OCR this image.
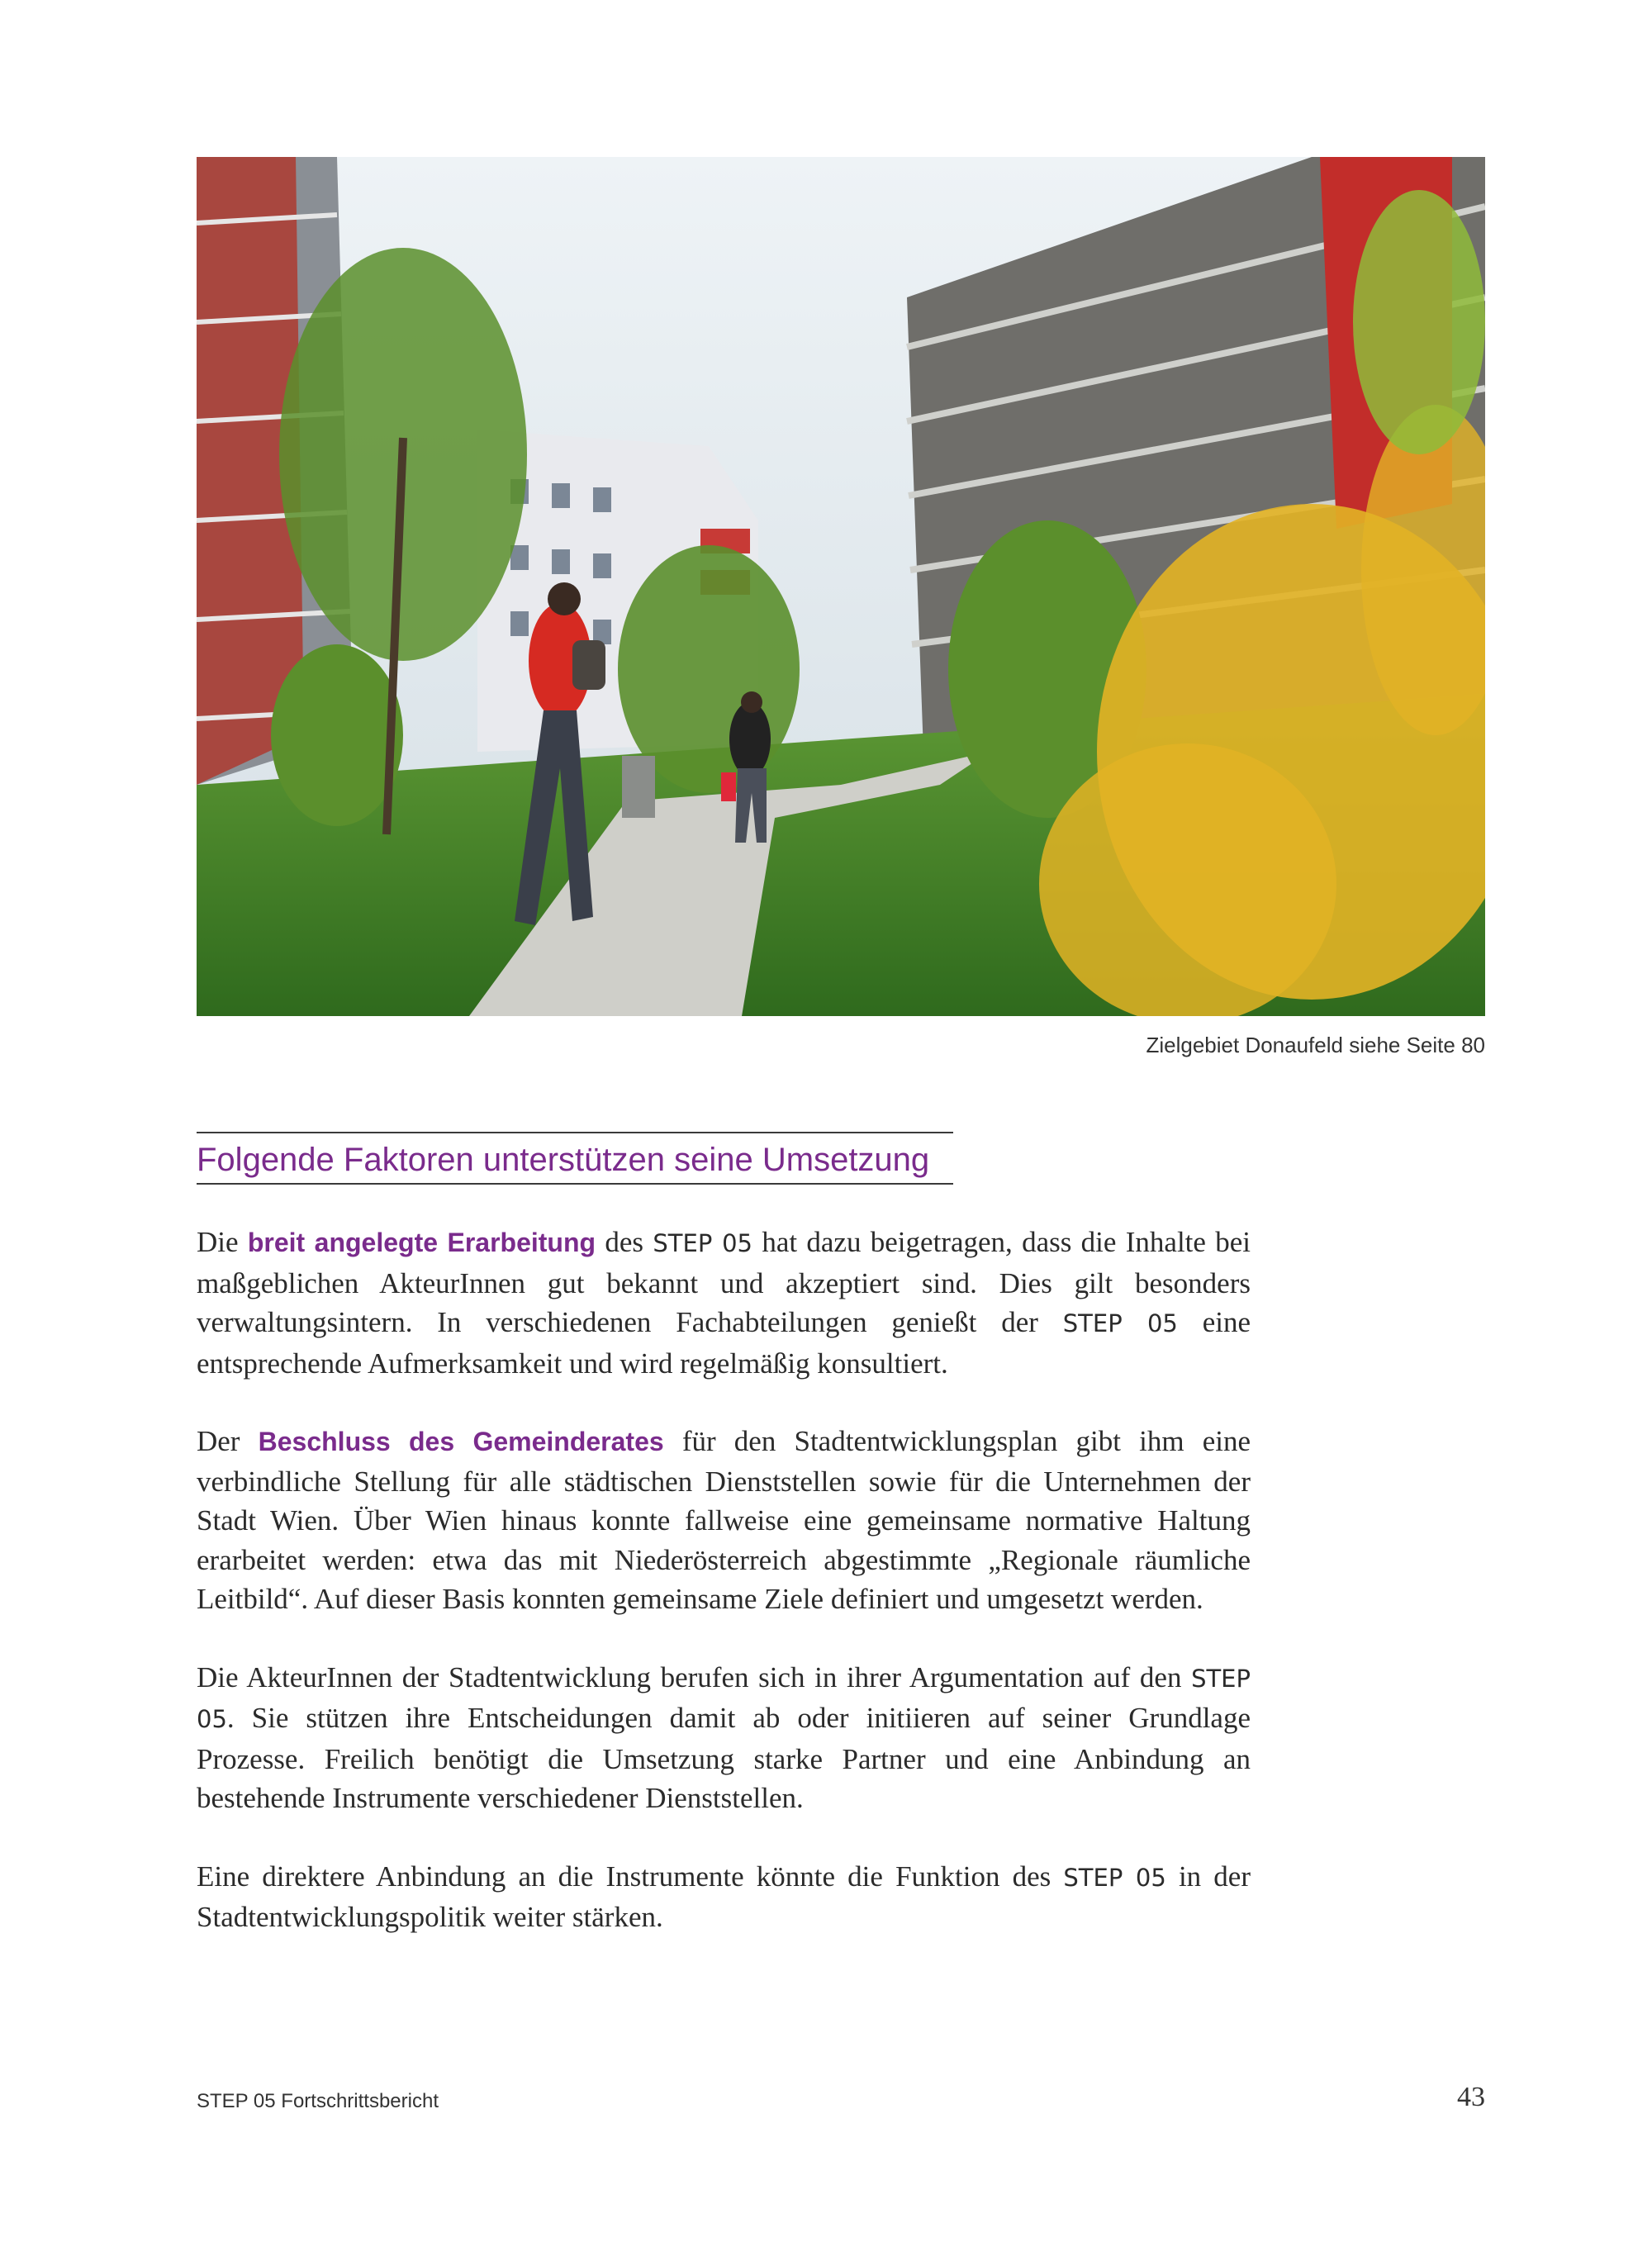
Zielgebiet Donaufeld siehe Seite 80
Folgende Faktoren unterstützen seine Umsetzung

Die breit angelegte Erarbeitung des STEP 05 hat dazu beigetragen, dass die Inhalte bei maßgeblichen AkteurInnen gut bekannt und akzeptiert sind. Dies gilt besonders verwaltungsintern. In verschiedenen Fachabteilungen genießt der STEP 05 eine entsprechende Aufmerksamkeit und wird regelmäßig konsultiert.

Der Beschluss des Gemeinderates für den Stadtentwicklungsplan gibt ihm eine verbindliche Stellung für alle städtischen Dienststellen sowie für die Unternehmen der Stadt Wien. Über Wien hinaus konnte fallweise eine gemeinsame normative Haltung erarbeitet werden: etwa das mit Niederösterreich abgestimmte „Regionale räumliche Leitbild“. Auf dieser Basis konnten gemeinsame Ziele definiert und umgesetzt werden.

Die AkteurInnen der Stadtentwicklung berufen sich in ihrer Argumentation auf den STEP 05. Sie stützen ihre Entscheidungen damit ab oder initiieren auf seiner Grundlage Prozesse. Freilich benötigt die Umsetzung starke Partner und eine Anbindung an bestehende Instrumente verschiedener Dienststellen.

Eine direktere Anbindung an die Instrumente könnte die Funktion des STEP 05 in der Stadtentwicklungspolitik weiter stärken.

STEP 05 Fortschrittsbericht	43
